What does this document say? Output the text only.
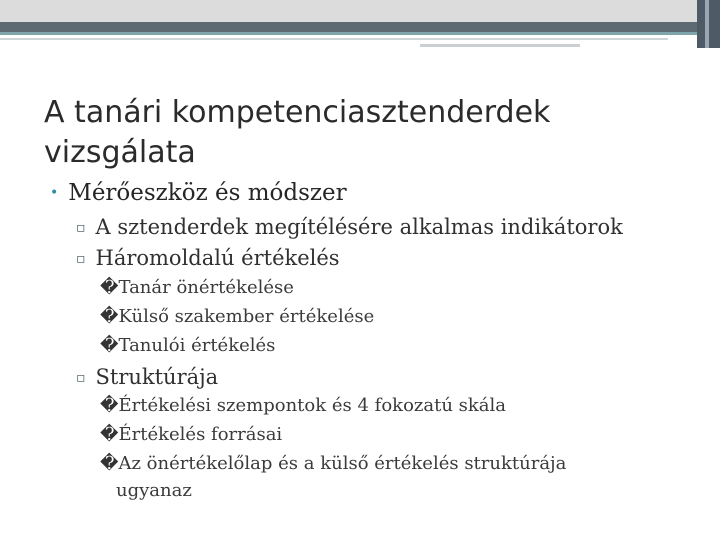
A tanári kompetenciasztenderdek vizsgálata
• Mérőeszköz és módszer
▫ A sztenderdek megítélésére alkalmas indikátorok
▫ Háromoldalú értékelés
�Tanár önértékelése
�Külső szakember értékelése
�Tanulói értékelés
▫ Struktúrája
�Értékelési szempontok és 4 fokozatú skála
�Értékelés forrásai
�Az önértékelőlap és a külső értékelés struktúrája
ugyanaz
